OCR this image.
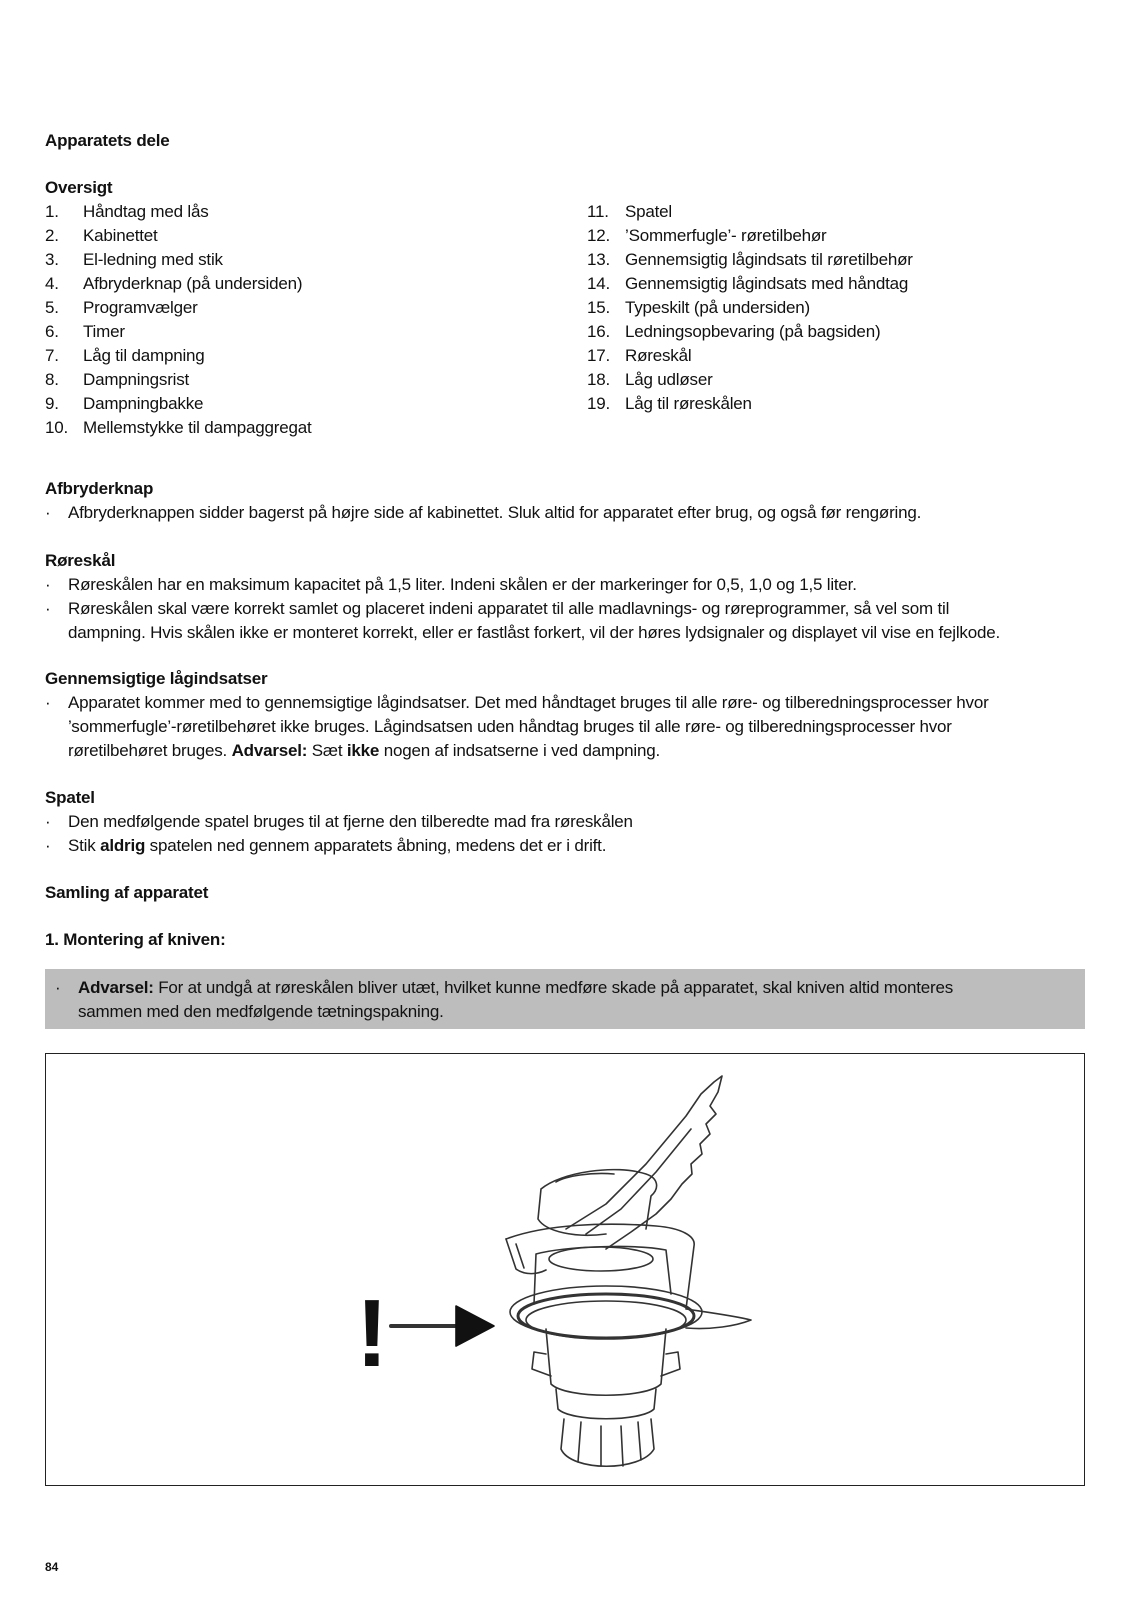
Apparatets dele
Oversigt
1.	Håndtag med lås
2.	Kabinettet
3.	El-ledning med stik
4.	Afbryderknap (på undersiden)
5.	Programvælger
6.	Timer
7.	Låg til dampning
8.	Dampningsrist
9.	Dampningbakke
10. Mellemstykke til dampaggregat
11. Spatel
12. ’Sommerfugle’- røretilbehør
13. Gennemsigtig lågindsats til røretilbehør
14. Gennemsigtig lågindsats med håndtag
15. Typeskilt (på undersiden)
16. Ledningsopbevaring (på bagsiden)
17. Røreskål
18. Låg udløser
19. Låg til røreskålen
Afbryderknap
·	Afbryderknappen sidder bagerst på højre side af kabinettet. Sluk altid for apparatet efter brug, og også før rengøring.
Røreskål
·	Røreskålen har en maksimum kapacitet på 1,5 liter. Indeni skålen er der markeringer for 0,5, 1,0 og 1,5 liter.
·	Røreskålen skal være korrekt samlet og placeret indeni apparatet til alle madlavnings- og røreprogrammer, så vel som til
dampning. Hvis skålen ikke er monteret korrekt, eller er fastlåst forkert, vil der høres lydsignaler og displayet vil vise en fejlkode.
Gennemsigtige lågindsatser
·	Apparatet kommer med to gennemsigtige lågindsatser. Det med håndtaget bruges til alle røre- og tilberedningsprocesser hvor
’sommerfugle’-røretilbehøret ikke bruges. Lågindsatsen uden håndtag bruges til alle røre- og tilberedningsprocesser hvor
røretilbehøret bruges. Advarsel: Sæt ikke nogen af indsatserne i ved dampning.
Spatel
·	Den medfølgende spatel bruges til at fjerne den tilberedte mad fra røreskålen
·	Stik aldrig spatelen ned gennem apparatets åbning, medens det er i drift.
Samling af apparatet
1. Montering af kniven:
·	Advarsel: For at undgå at røreskålen bliver utæt, hvilket kunne medføre skade på apparatet, skal kniven altid monteres
sammen med den medfølgende tætningspakning.
!
84
